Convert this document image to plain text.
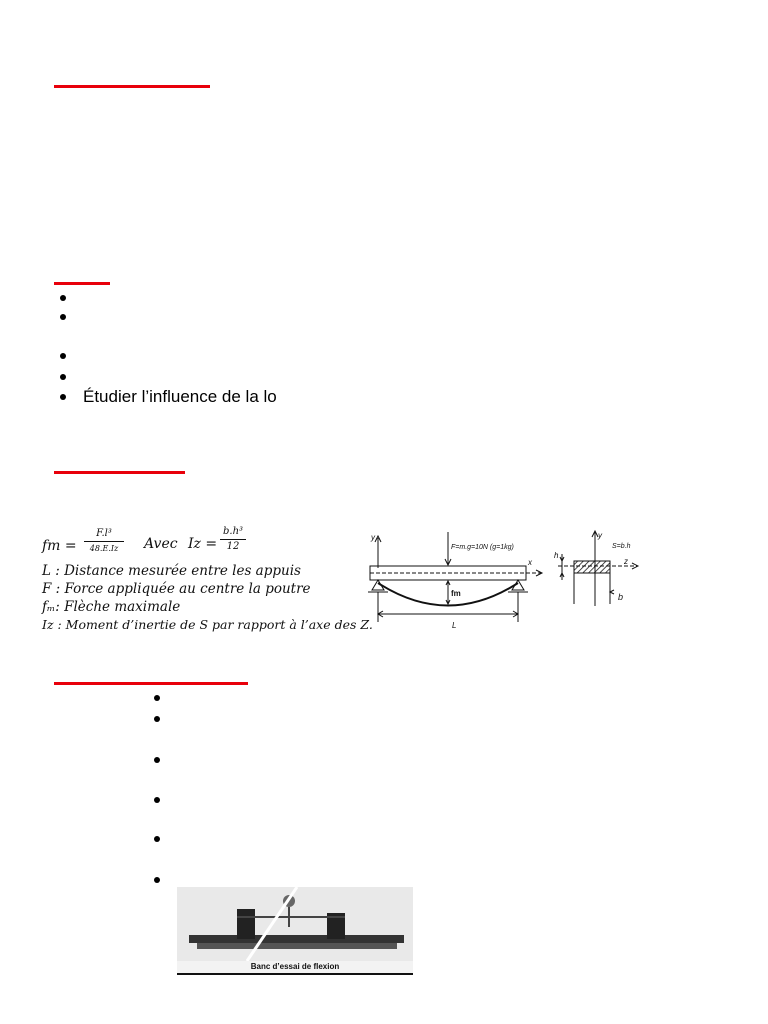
Étudier l’influence de la lo
fm =
F.l³
48.E.Iz	Avec Iz =
b.h³
12
L : Distance mesurée entre les appuis
F : Force appliquée au centre la poutre
fₘ: Flèche maximale
Iz : Moment d’inertie de S par rapport à l’axe des Z.
F=m.g=10N (g=1kg)
y
x
fm
L
y
z
h
b
S=b.h
Banc d’essai de flexion
